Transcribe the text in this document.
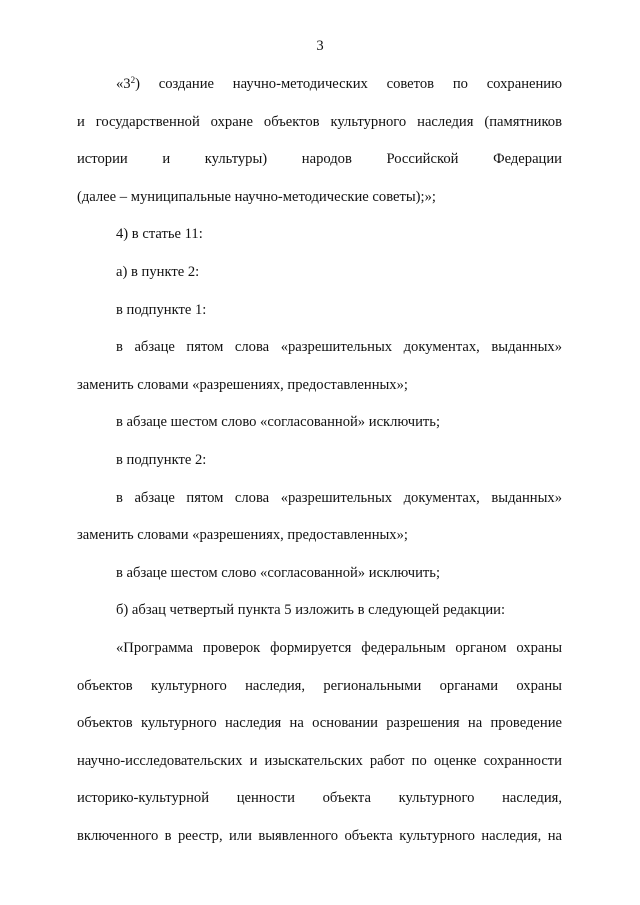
3
«$3^2$) создание научно-методических советов по сохранению
и государственной охране объектов культурного наследия (памятников
истории и культуры) народов Российской Федерации
(далее – муниципальные научно-методические советы);»;
4) в статье 11:
а) в пункте 2:
в подпункте 1:
в абзаце пятом слова «разрешительных документах, выданных»
заменить словами «разрешениях, предоставленных»;
в абзаце шестом слово «согласованной» исключить;
в подпункте 2:
в абзаце пятом слова «разрешительных документах, выданных»
заменить словами «разрешениях, предоставленных»;
в абзаце шестом слово «согласованной» исключить;
б) абзац четвертый пункта 5 изложить в следующей редакции:
«Программа проверок формируется федеральным органом охраны
объектов культурного наследия, региональными органами охраны
объектов культурного наследия на основании разрешения на проведение
научно-исследовательских и изыскательских работ по оценке сохранности
историко-культурной ценности объекта культурного наследия,
включенного в реестр, или выявленного объекта культурного наследия, на
